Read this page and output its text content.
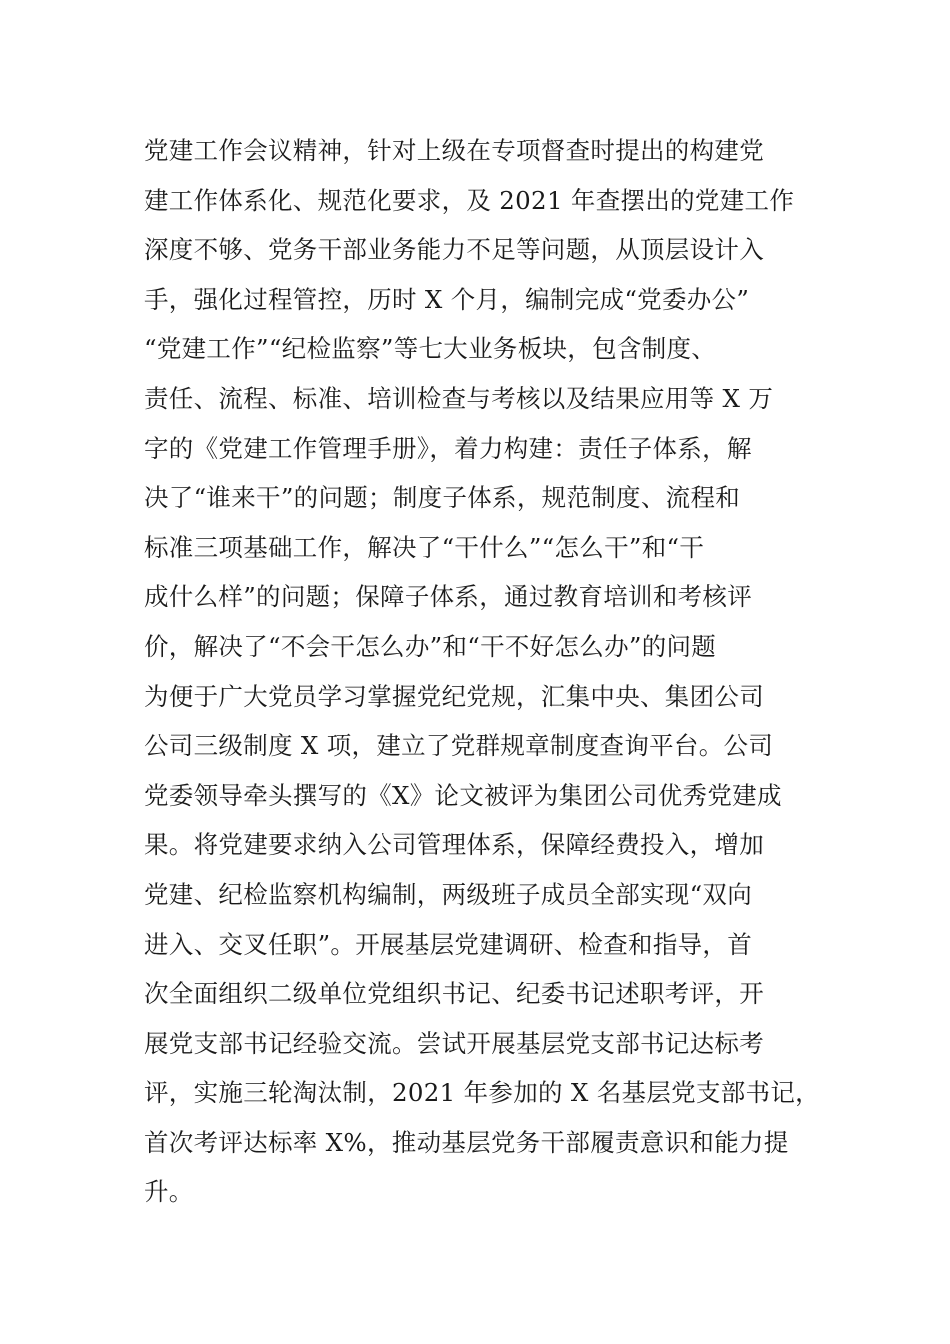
党建工作会议精神，针对上级在专项督查时提出的构建党
建工作体系化、规范化要求，及 2021 年查摆出的党建工作
深度不够、党务干部业务能力不足等问题，从顶层设计入
手，强化过程管控，历时 X 个月，编制完成“党委办公”
“党建工作”“纪检监察”等七大业务板块，包含制度、
责任、流程、标准、培训检查与考核以及结果应用等 X 万
字的《党建工作管理手册》，着力构建：责任子体系，解
决了“谁来干”的问题；制度子体系，规范制度、流程和
标准三项基础工作，解决了“干什么”“怎么干”和“干
成什么样”的问题；保障子体系，通过教育培训和考核评
价，解决了“不会干怎么办”和“干不好怎么办”的问题
为便于广大党员学习掌握党纪党规，汇集中央、集团公司
公司三级制度 X 项，建立了党群规章制度查询平台。公司
党委领导牵头撰写的《X》论文被评为集团公司优秀党建成
果。将党建要求纳入公司管理体系，保障经费投入，增加
党建、纪检监察机构编制，两级班子成员全部实现“双向
进入、交叉任职”。开展基层党建调研、检查和指导，首
次全面组织二级单位党组织书记、纪委书记述职考评，开
展党支部书记经验交流。尝试开展基层党支部书记达标考
评，实施三轮淘汰制，2021 年参加的 X 名基层党支部书记，
首次考评达标率 X%，推动基层党务干部履责意识和能力提
升。
